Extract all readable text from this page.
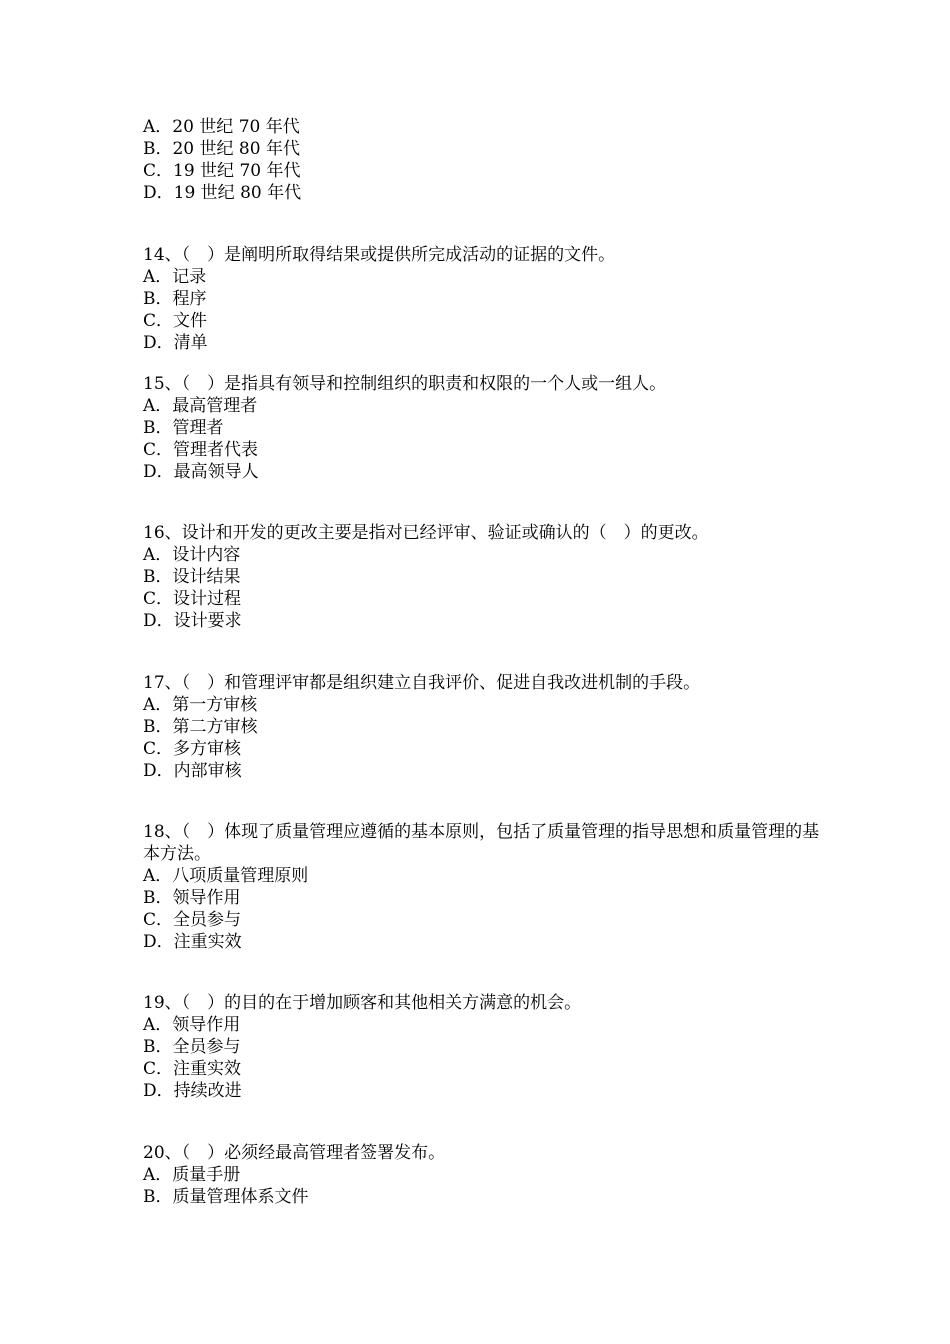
A．20 世纪 70 年代
B．20 世纪 80 年代
C．19 世纪 70 年代
D．19 世纪 80 年代
14、（　）是阐明所取得结果或提供所完成活动的证据的文件。
A．记录
B．程序
C．文件
D．清单
15、（　）是指具有领导和控制组织的职责和权限的一个人或一组人。
A．最高管理者
B．管理者
C．管理者代表
D．最高领导人
16、设计和开发的更改主要是指对已经评审、验证或确认的（　）的更改。
A．设计内容
B．设计结果
C．设计过程
D．设计要求
17、（　）和管理评审都是组织建立自我评价、促进自我改进机制的手段。
A．第一方审核
B．第二方审核
C．多方审核
D．内部审核
18、（　）体现了质量管理应遵循的基本原则，包括了质量管理的指导思想和质量管理的基本方法。
A．八项质量管理原则
B．领导作用
C．全员参与
D．注重实效
19、（　）的目的在于增加顾客和其他相关方满意的机会。
A．领导作用
B．全员参与
C．注重实效
D．持续改进
20、（　）必须经最高管理者签署发布。
A．质量手册
B．质量管理体系文件
